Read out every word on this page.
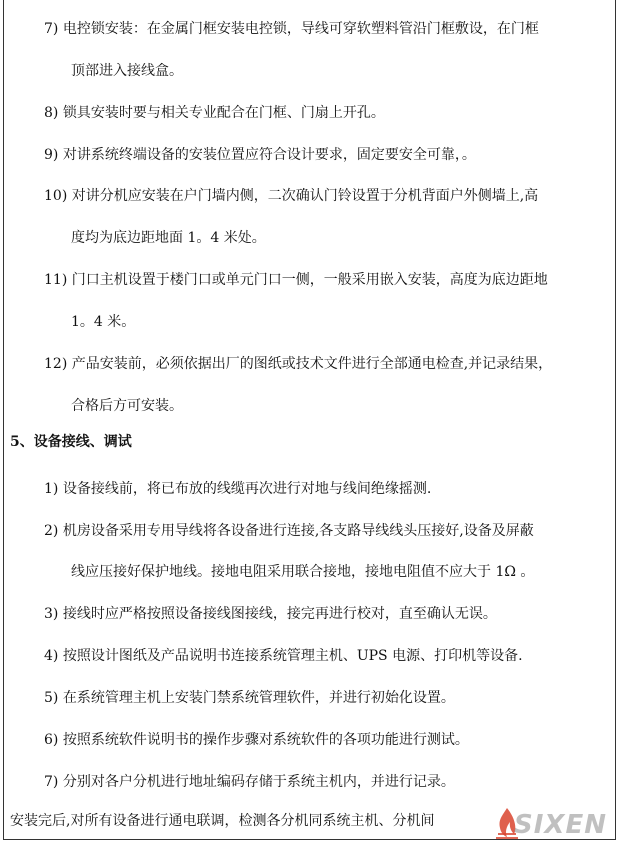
7) 电控锁安装：在金属门框安装电控锁，导线可穿软塑料管沿门框敷设，在门框
顶部进入接线盒。
8) 锁具安装时要与相关专业配合在门框、门扇上开孔。
9) 对讲系统终端设备的安装位置应符合设计要求，固定要安全可靠，。
10) 对讲分机应安装在户门墙内侧，二次确认门铃设置于分机背面户外侧墙上,高
度均为底边距地面 1。4 米处。
11) 门口主机设置于楼门口或单元门口一侧，一般采用嵌入安装，高度为底边距地
1。4 米。
12) 产品安装前，必须依据出厂的图纸或技术文件进行全部通电检查,并记录结果，
合格后方可安装。
5、设备接线、调试
1) 设备接线前，将已布放的线缆再次进行对地与线间绝缘摇测.
2) 机房设备采用专用导线将各设备进行连接,各支路导线线头压接好,设备及屏蔽
线应压接好保护地线。接地电阻采用联合接地，接地电阻值不应大于 1Ω 。
3) 接线时应严格按照设备接线图接线，接完再进行校对，直至确认无误。
4) 按照设计图纸及产品说明书连接系统管理主机、UPS 电源、打印机等设备.
5) 在系统管理主机上安装门禁系统管理软件，并进行初始化设置。
6) 按照系统软件说明书的操作步骤对系统软件的各项功能进行测试。
7) 分别对各户分机进行地址编码存储于系统主机内，并进行记录。
安装完后,对所有设备进行通电联调，检测各分机同系统主机、分机间	SIXEN
